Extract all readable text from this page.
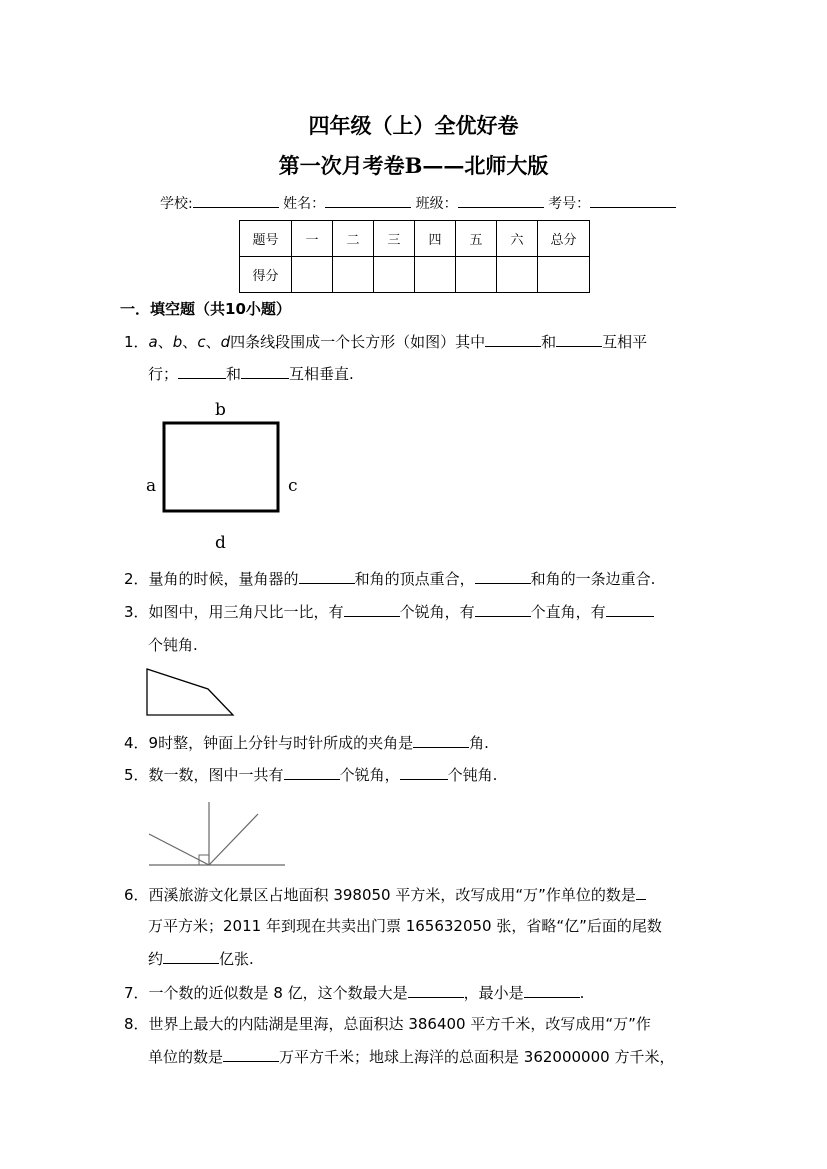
四年级（上）全优好卷
第一次月考卷B——北师大版
学校:	姓名：	班级：	考号：
题号	一	二	三	四	五	六	总分
得分							
一．填空题（共10小题）
1．a、b、c、d四条线段围成一个长方形（如图）其中	和	互相平
行；	和	互相垂直.
b
a	c
d
2．量角的时候，量角器的	和角的顶点重合，	和角的一条边重合.
3．如图中，用三角尺比一比，有	个锐角，有	个直角，有
个钝角.
4．9时整，钟面上分针与时针所成的夹角是	角.
5．数一数，图中一共有	个锐角，	个钝角.
6．西溪旅游文化景区占地面积 398050 平方米，改写成用“万”作单位的数是
万平方米；2011 年到现在共卖出门票 165632050 张，省略“亿”后面的尾数
约	亿张.
7．一个数的近似数是 8 亿，这个数最大是	，最小是	.
8．世界上最大的内陆湖是里海，总面积达 386400 平方千米，改写成用“万”作
单位的数是	万平方千米；地球上海洋的总面积是 362000000 方千米，
